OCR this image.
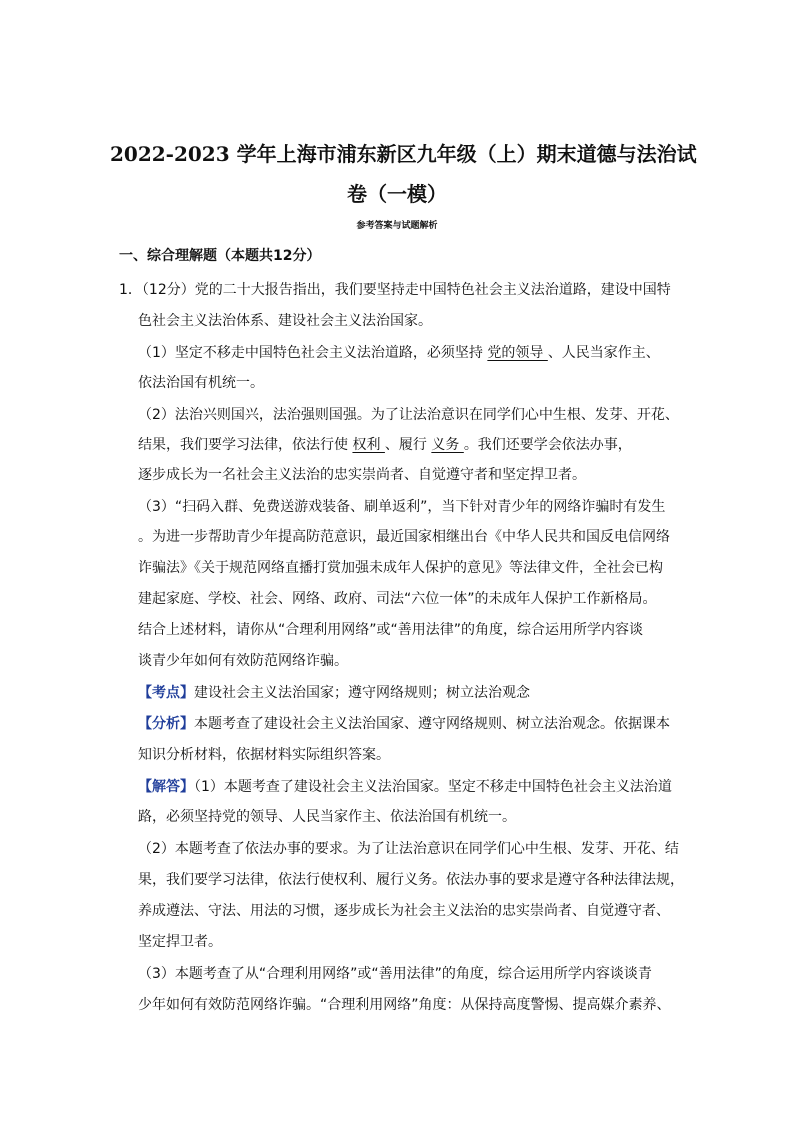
2022-2023 学年上海市浦东新区九年级（上）期末道德与法治试
卷（一模）
参考答案与试题解析
一、综合理解题（本题共12分）
1．（12分）党的二十大报告指出，我们要坚持走中国特色社会主义法治道路，建设中国特
色社会主义法治体系、建设社会主义法治国家。
（1）坚定不移走中国特色社会主义法治道路，必须坚持 党的领导 、人民当家作主、
依法治国有机统一。
（2）法治兴则国兴，法治强则国强。为了让法治意识在同学们心中生根、发芽、开花、
结果，我们要学习法律，依法行使 权利 、履行 义务 。我们还要学会依法办事，
逐步成长为一名社会主义法治的忠实崇尚者、自觉遵守者和坚定捍卫者。
（3）“扫码入群、免费送游戏装备、刷单返利”，当下针对青少年的网络诈骗时有发生
。为进一步帮助青少年提高防范意识，最近国家相继出台《中华人民共和国反电信网络
诈骗法》《关于规范网络直播打赏加强未成年人保护的意见》等法律文件，全社会已构
建起家庭、学校、社会、网络、政府、司法“六位一体”的未成年人保护工作新格局。
结合上述材料，请你从“合理利用网络”或“善用法律”的角度，综合运用所学内容谈
谈青少年如何有效防范网络诈骗。
【考点】建设社会主义法治国家；遵守网络规则；树立法治观念
【分析】本题考查了建设社会主义法治国家、遵守网络规则、树立法治观念。依据课本
知识分析材料，依据材料实际组织答案。
【解答】（1）本题考查了建设社会主义法治国家。坚定不移走中国特色社会主义法治道
路，必须坚持党的领导、人民当家作主、依法治国有机统一。
（2）本题考查了依法办事的要求。为了让法治意识在同学们心中生根、发芽、开花、结
果，我们要学习法律，依法行使权利、履行义务。依法办事的要求是遵守各种法律法规，
养成遵法、守法、用法的习惯，逐步成长为社会主义法治的忠实崇尚者、自觉遵守者、
坚定捍卫者。
（3）本题考查了从“合理利用网络”或“善用法律”的角度，综合运用所学内容谈谈青
少年如何有效防范网络诈骗。“合理利用网络”角度：从保持高度警惕、提高媒介素养、
